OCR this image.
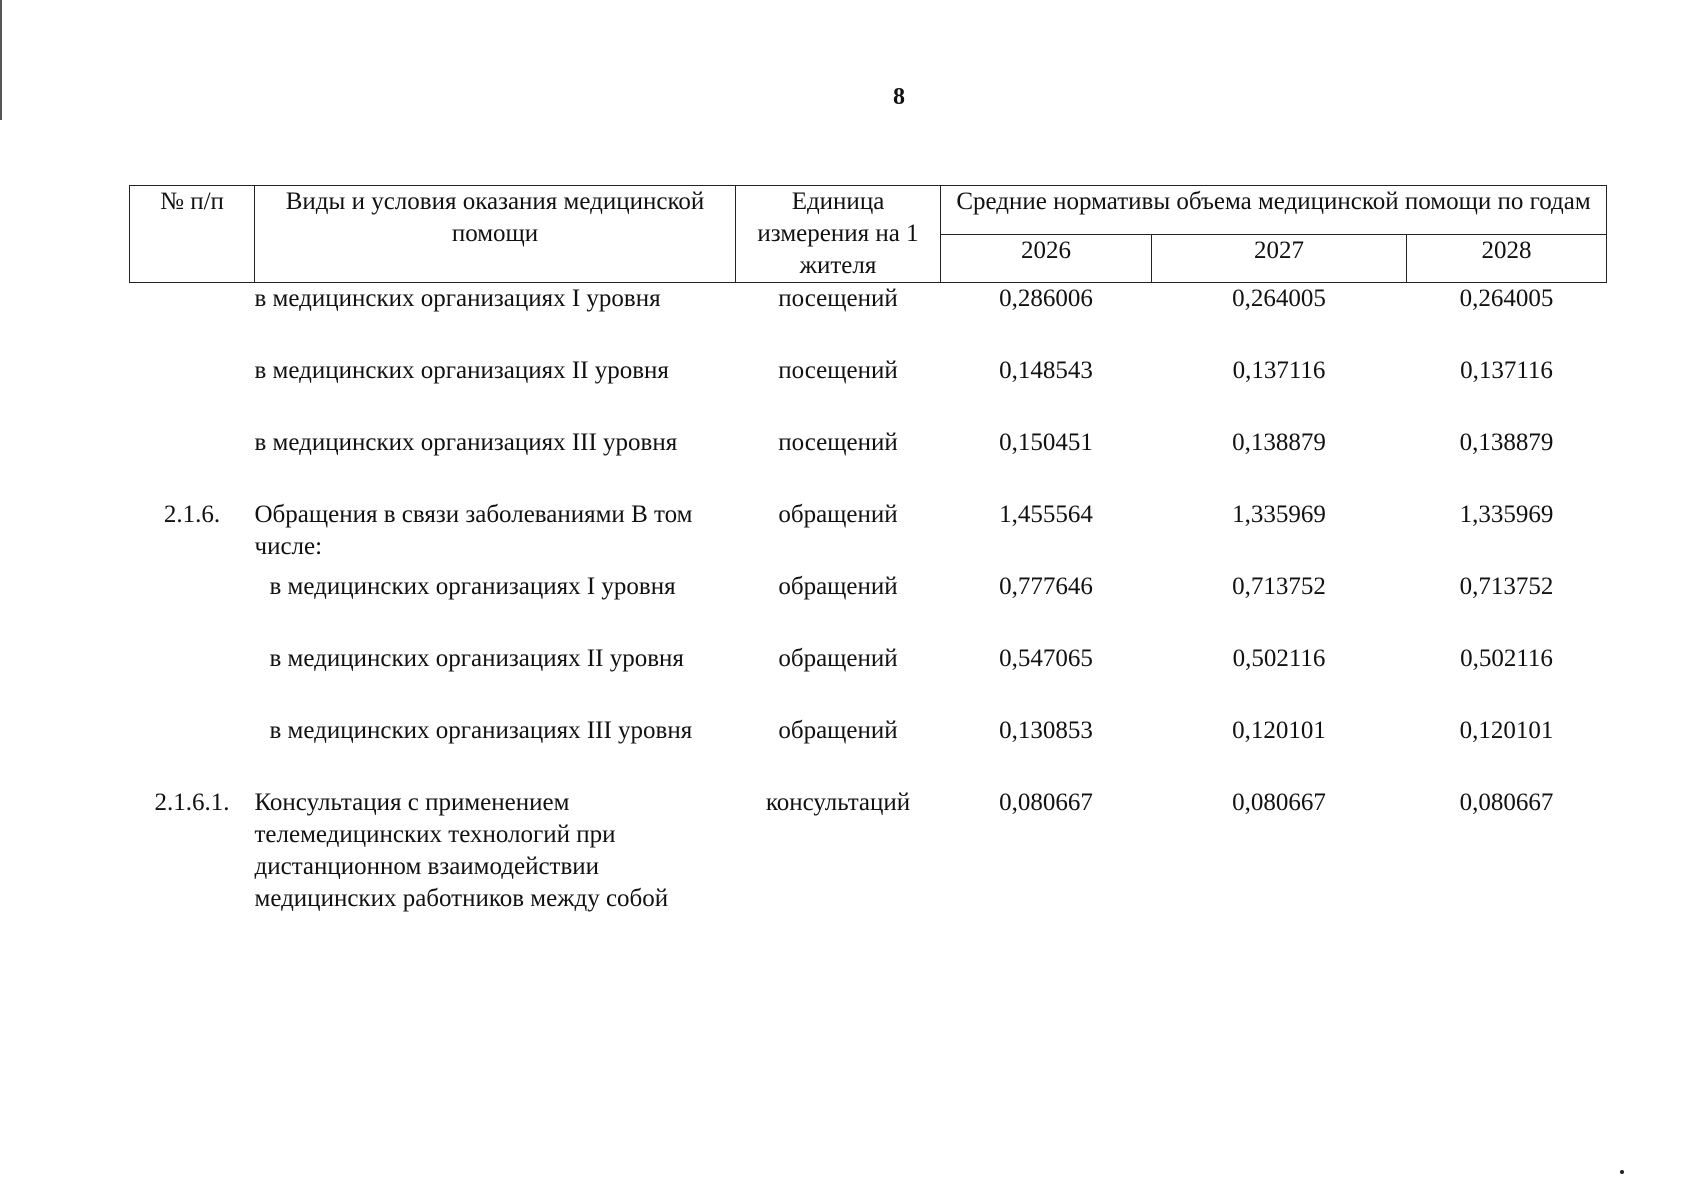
8
№ п/п	Виды и условия оказания медицинской помощи	Единица измерения на 1 жителя	Средние нормативы объема медицинской помощи по годам		
			2026	2027	2028
	в медицинских организациях I уровня	посещений	0,286006	0,264005	0,264005
	в медицинских организациях II уровня	посещений	0,148543	0,137116	0,137116
	в медицинских организациях III уровня	посещений	0,150451	0,138879	0,138879
2.1.6.	Обращения в связи заболеваниями В том числе:	обращений	1,455564	1,335969	1,335969
	в медицинских организациях I уровня	обращений	0,777646	0,713752	0,713752
	в медицинских организациях II уровня	обращений	0,547065	0,502116	0,502116
	в медицинских организациях III уровня	обращений	0,130853	0,120101	0,120101
2.1.6.1.	Консультация с применением телемедицинских технологий при дистанционном взаимодействии медицинских работников между собой	консультаций	0,080667	0,080667	0,080667
